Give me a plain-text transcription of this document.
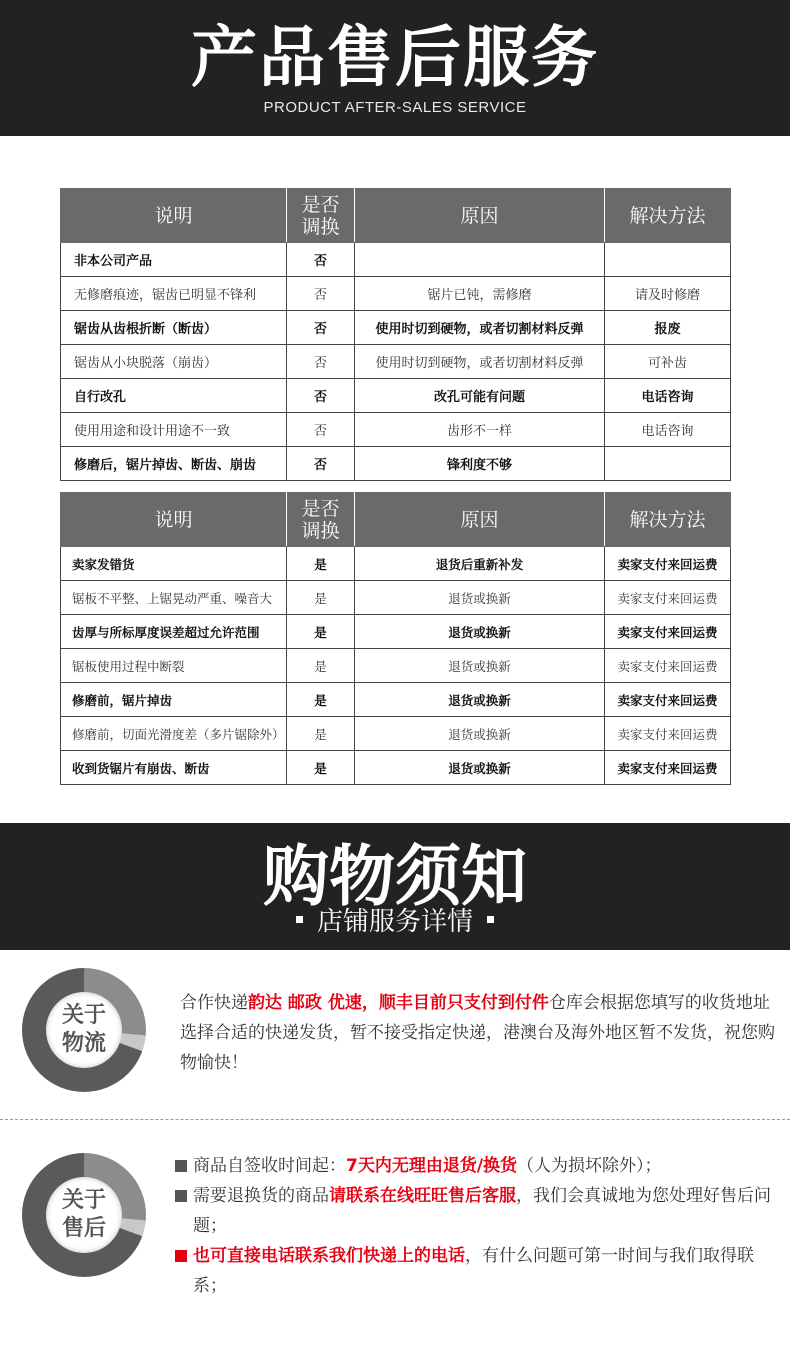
产品售后服务
PRODUCT AFTER-SALES SERVICE
说明	是否调换	原因	解决方法
非本公司产品	否		
无修磨痕迹，锯齿已明显不锋利	否	锯片已钝，需修磨	请及时修磨
锯齿从齿根折断（断齿）	否	使用时切到硬物，或者切割材料反弹	报废
锯齿从小块脱落（崩齿）	否	使用时切到硬物，或者切割材料反弹	可补齿
自行改孔	否	改孔可能有问题	电话咨询
使用用途和设计用途不一致	否	齿形不一样	电话咨询
修磨后，锯片掉齿、断齿、崩齿	否	锋利度不够	
说明	是否调换	原因	解决方法
卖家发错货	是	退货后重新补发	卖家支付来回运费
锯板不平整、上锯晃动严重、噪音大	是	退货或换新	卖家支付来回运费
齿厚与所标厚度误差超过允许范围	是	退货或换新	卖家支付来回运费
锯板使用过程中断裂	是	退货或换新	卖家支付来回运费
修磨前，锯片掉齿	是	退货或换新	卖家支付来回运费
修磨前，切面光滑度差（多片锯除外）	是	退货或换新	卖家支付来回运费
收到货锯片有崩齿、断齿	是	退货或换新	卖家支付来回运费
购物须知
店铺服务详情
关于
物流
合作快递韵达 邮政 优速，顺丰目前只支付到付件仓库会根据您填写的收货地址选择合适的快递发货，暂不接受指定快递，港澳台及海外地区暂不发货，祝您购物愉快！
关于
售后
商品自签收时间起：7天内无理由退货/换货（人为损坏除外）；
需要退换货的商品请联系在线旺旺售后客服，我们会真诚地为您处理好售后问题；
也可直接电话联系我们快递上的电话，有什么问题可第一时间与我们取得联系；
